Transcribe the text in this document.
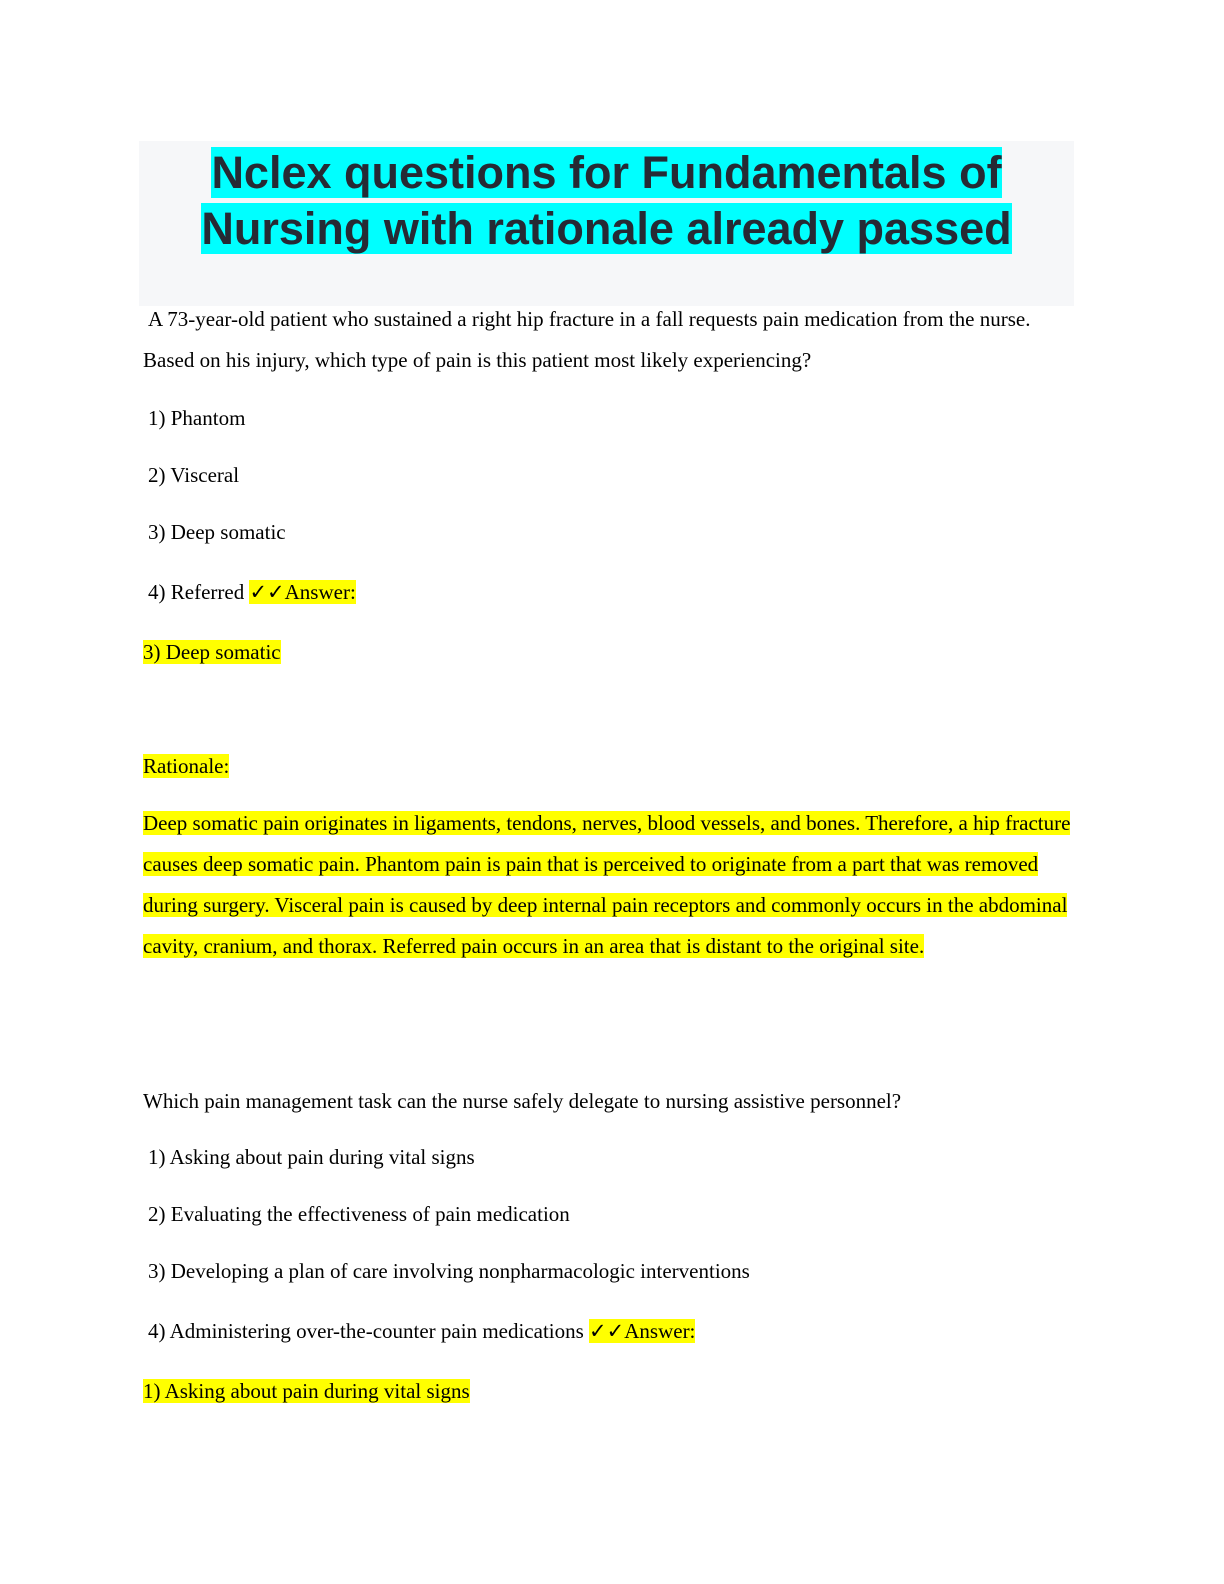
Nclex questions for Fundamentals of Nursing with rationale already passed
A 73-year-old patient who sustained a right hip fracture in a fall requests pain medication from the nurse. Based on his injury, which type of pain is this patient most likely experiencing?
1) Phantom
2) Visceral
3) Deep somatic
4) Referred ✓✓Answer:
3) Deep somatic
Rationale:
Deep somatic pain originates in ligaments, tendons, nerves, blood vessels, and bones. Therefore, a hip fracture causes deep somatic pain. Phantom pain is pain that is perceived to originate from a part that was removed during surgery. Visceral pain is caused by deep internal pain receptors and commonly occurs in the abdominal cavity, cranium, and thorax. Referred pain occurs in an area that is distant to the original site.
Which pain management task can the nurse safely delegate to nursing assistive personnel?
1) Asking about pain during vital signs
2) Evaluating the effectiveness of pain medication
3) Developing a plan of care involving nonpharmacologic interventions
4) Administering over-the-counter pain medications ✓✓Answer:
1) Asking about pain during vital signs
